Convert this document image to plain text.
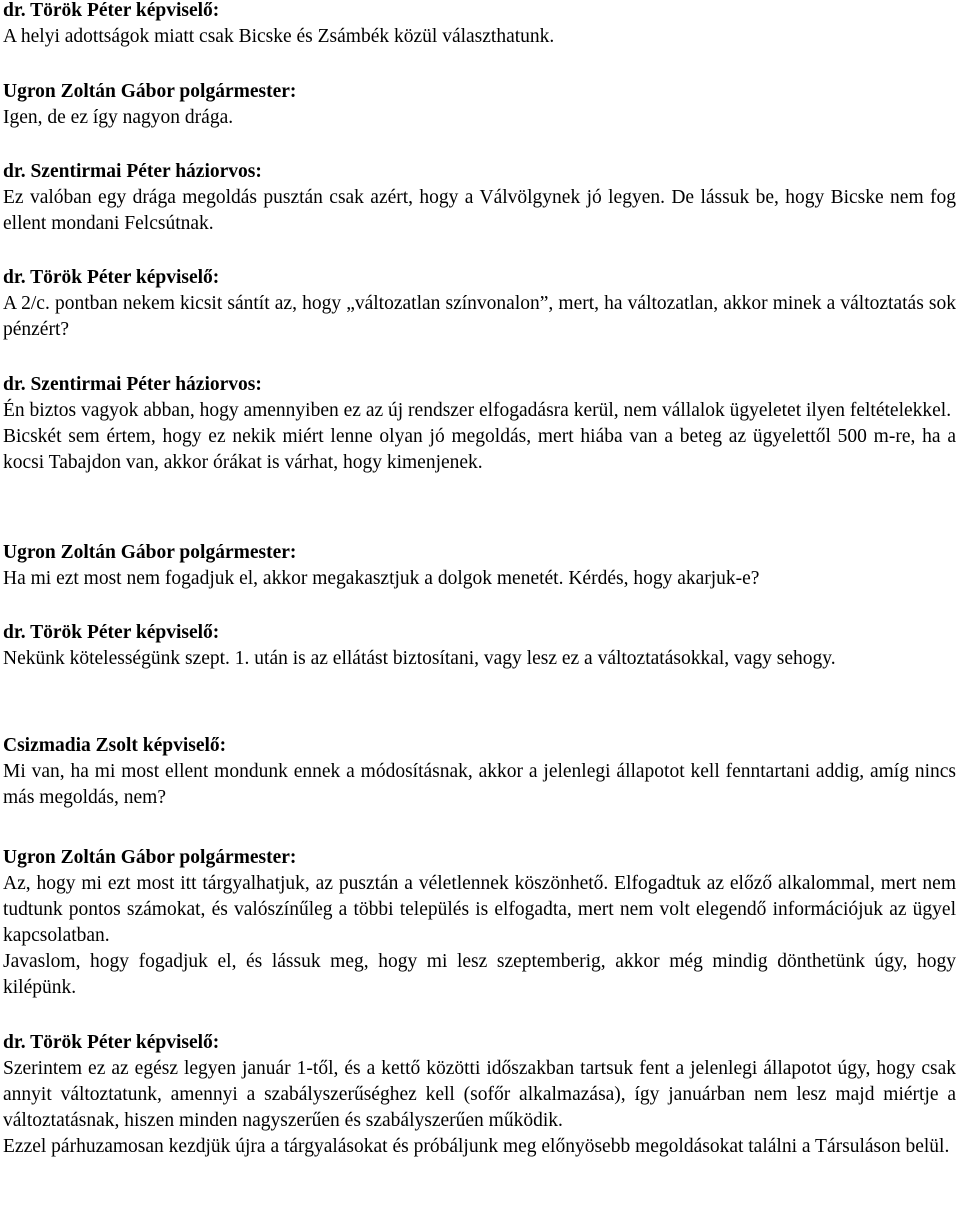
dr. Török Péter képviselő:
A helyi adottságok miatt csak Bicske és Zsámbék közül választhatunk.
Ugron Zoltán Gábor polgármester:
Igen, de ez így nagyon drága.
dr. Szentirmai Péter háziorvos:
Ez valóban egy drága megoldás pusztán csak azért, hogy a Válvölgynek jó legyen. De lássuk be, hogy Bicske nem fog ellent mondani Felcsútnak.
dr. Török Péter képviselő:
A 2/c. pontban nekem kicsit sántít az, hogy „változatlan színvonalon”, mert, ha változatlan, akkor minek a változtatás sok pénzért?
dr. Szentirmai Péter háziorvos:
Én biztos vagyok abban, hogy amennyiben ez az új rendszer elfogadásra kerül, nem vállalok ügyeletet ilyen feltételekkel.
Bicskét sem értem, hogy ez nekik miért lenne olyan jó megoldás, mert hiába van a beteg az ügyelettől 500 m-re, ha a kocsi Tabajdon van, akkor órákat is várhat, hogy kimenjenek.
Ugron Zoltán Gábor polgármester:
Ha mi ezt most nem fogadjuk el, akkor megakasztjuk a dolgok menetét. Kérdés, hogy akarjuk-e?
dr. Török Péter képviselő:
Nekünk kötelességünk szept. 1. után is az ellátást biztosítani, vagy lesz ez a változtatásokkal, vagy sehogy.
Csizmadia Zsolt képviselő:
Mi van, ha mi most ellent mondunk ennek a módosításnak, akkor a jelenlegi állapotot kell fenntartani addig, amíg nincs más megoldás, nem?
Ugron Zoltán Gábor polgármester:
Az, hogy mi ezt most itt tárgyalhatjuk, az pusztán a véletlennek köszönhető. Elfogadtuk az előző alkalommal, mert nem tudtunk pontos számokat, és valószínűleg a többi település is elfogadta, mert nem volt elegendő információjuk az ügyel kapcsolatban.
Javaslom, hogy fogadjuk el, és lássuk meg, hogy mi lesz szeptemberig, akkor még mindig dönthetünk úgy, hogy kilépünk.
dr. Török Péter képviselő:
Szerintem ez az egész legyen január 1-től, és a kettő közötti időszakban tartsuk fent a jelenlegi állapotot úgy, hogy csak annyit változtatunk, amennyi a szabályszerűséghez kell (sofőr alkalmazása), így januárban nem lesz majd miértje a változtatásnak, hiszen minden nagyszerűen és szabályszerűen működik.
Ezzel párhuzamosan kezdjük újra a tárgyalásokat és próbáljunk meg előnyösebb megoldásokat találni a Társuláson belül.
